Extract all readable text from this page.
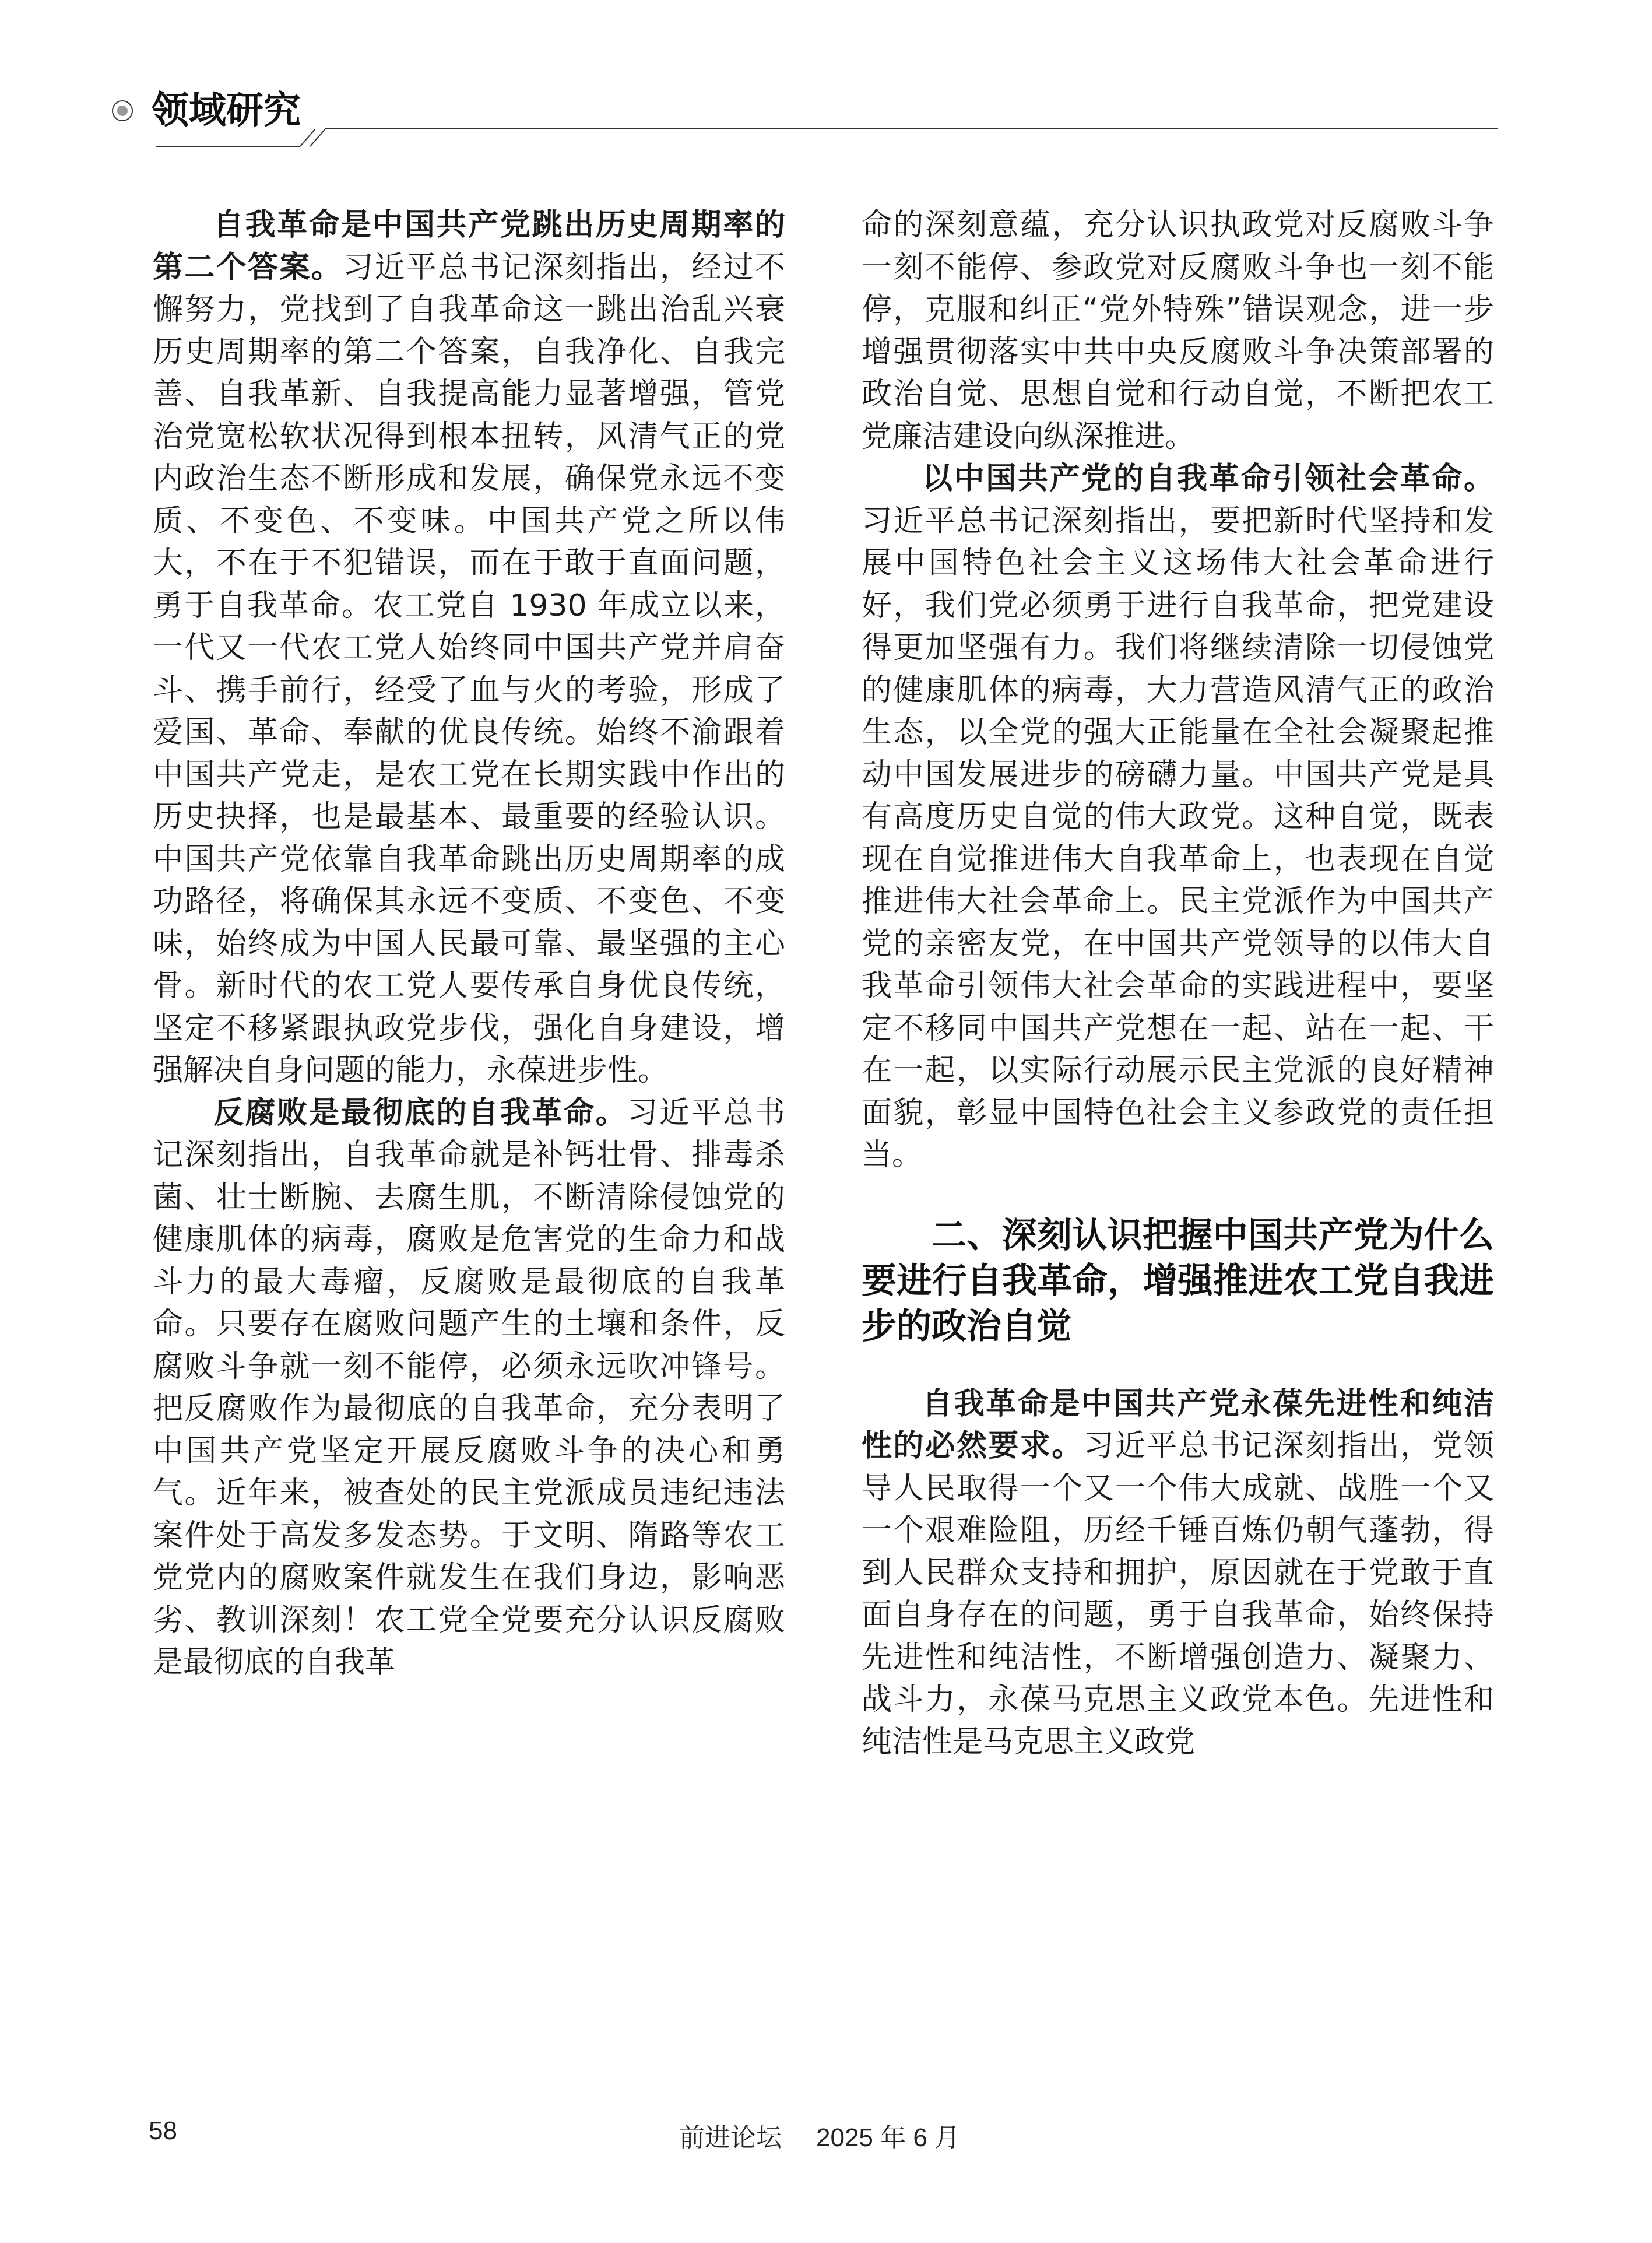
领域研究

自我革命是中国共产党跳出历史周期率的第二个答案。习近平总书记深刻指出，经过不懈努力，党找到了自我革命这一跳出治乱兴衰历史周期率的第二个答案，自我净化、自我完善、自我革新、自我提高能力显著增强，管党治党宽松软状况得到根本扭转，风清气正的党内政治生态不断形成和发展，确保党永远不变质、不变色、不变味。中国共产党之所以伟大，不在于不犯错误，而在于敢于直面问题，勇于自我革命。农工党自 1930 年成立以来，一代又一代农工党人始终同中国共产党并肩奋斗、携手前行，经受了血与火的考验，形成了爱国、革命、奉献的优良传统。始终不渝跟着中国共产党走，是农工党在长期实践中作出的历史抉择，也是最基本、最重要的经验认识。中国共产党依靠自我革命跳出历史周期率的成功路径，将确保其永远不变质、不变色、不变味，始终成为中国人民最可靠、最坚强的主心骨。新时代的农工党人要传承自身优良传统，坚定不移紧跟执政党步伐，强化自身建设，增强解决自身问题的能力，永葆进步性。

反腐败是最彻底的自我革命。习近平总书记深刻指出，自我革命就是补钙壮骨、排毒杀菌、壮士断腕、去腐生肌，不断清除侵蚀党的健康肌体的病毒，腐败是危害党的生命力和战斗力的最大毒瘤，反腐败是最彻底的自我革命。只要存在腐败问题产生的土壤和条件，反腐败斗争就一刻不能停，必须永远吹冲锋号。把反腐败作为最彻底的自我革命，充分表明了中国共产党坚定开展反腐败斗争的决心和勇气。近年来，被查处的民主党派成员违纪违法案件处于高发多发态势。于文明、隋路等农工党党内的腐败案件就发生在我们身边，影响恶劣、教训深刻！农工党全党要充分认识反腐败是最彻底的自我革

命的深刻意蕴，充分认识执政党对反腐败斗争一刻不能停、参政党对反腐败斗争也一刻不能停，克服和纠正“党外特殊”错误观念，进一步增强贯彻落实中共中央反腐败斗争决策部署的政治自觉、思想自觉和行动自觉，不断把农工党廉洁建设向纵深推进。

以中国共产党的自我革命引领社会革命。习近平总书记深刻指出，要把新时代坚持和发展中国特色社会主义这场伟大社会革命进行好，我们党必须勇于进行自我革命，把党建设得更加坚强有力。我们将继续清除一切侵蚀党的健康肌体的病毒，大力营造风清气正的政治生态，以全党的强大正能量在全社会凝聚起推动中国发展进步的磅礴力量。中国共产党是具有高度历史自觉的伟大政党。这种自觉，既表现在自觉推进伟大自我革命上，也表现在自觉推进伟大社会革命上。民主党派作为中国共产党的亲密友党，在中国共产党领导的以伟大自我革命引领伟大社会革命的实践进程中，要坚定不移同中国共产党想在一起、站在一起、干在一起，以实际行动展示民主党派的良好精神面貌，彰显中国特色社会主义参政党的责任担当。

二、深刻认识把握中国共产党为什么要进行自我革命，增强推进农工党自我进步的政治自觉

自我革命是中国共产党永葆先进性和纯洁性的必然要求。习近平总书记深刻指出，党领导人民取得一个又一个伟大成就、战胜一个又一个艰难险阻，历经千锤百炼仍朝气蓬勃，得到人民群众支持和拥护，原因就在于党敢于直面自身存在的问题，勇于自我革命，始终保持先进性和纯洁性，不断增强创造力、凝聚力、战斗力，永葆马克思主义政党本色。先进性和纯洁性是马克思主义政党

58	前进论坛 2025 年 6 月
